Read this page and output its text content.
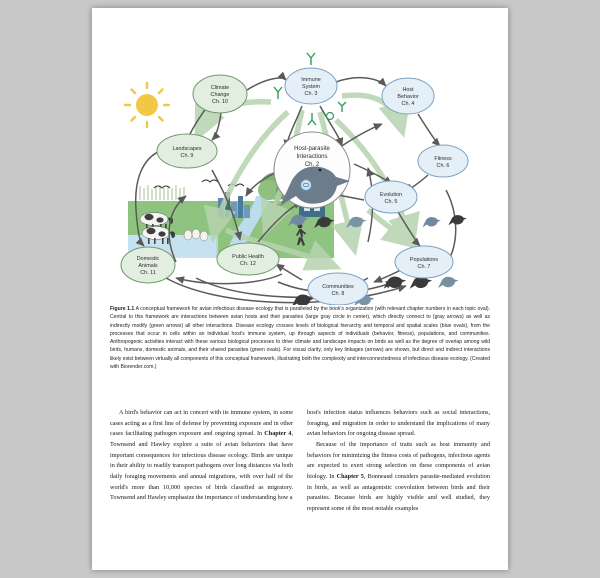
Host-parasite
Interactions
Ch. 2
Climate
Change
Ch. 10
Immune
System
Ch. 3
Host
Behavior
Ch. 4
Landscapes
Ch. 9	Fitness
Ch. 6
Evolution
Ch. 5
Populations
Ch. 7
Communities
Ch. 8
Public Health
Ch. 12
Domestic
Animals
Ch. 11
Figure 1.1 A conceptual framework for avian infectious disease ecology that is paralleled by the book's organization (with relevant chapter numbers in each topic oval). Central to this framework are interactions between avian hosts and their parasites (large gray circle in center), which directly connect to (gray arrows) as well as indirectly modify (green arrows) all other interactions. Disease ecology crosses levels of biological hierarchy and temporal and spatial scales (blue ovals), from the processes that occur in cells within an individual host's immune system, up through aspects of individuals (behavior, fitness), populations, and communities. Anthropogenic activities interact with these various biological processes to drive climate and landscape impacts on birds as well as the degree of overlap among wild birds, humans, domestic animals, and their shared parasites (green ovals). For visual clarity, only key linkages (arrows) are shown, but direct and indirect interactions likely exist between virtually all components of this conceptual framework, illustrating both the complexity and interconnectedness of infectious disease ecology. (Created with Biorender.com.)

A bird's behavior can act in concert with its immune system, in some cases acting as a first line of defense by preventing exposure and in other cases facilitating pathogen exposure and ongoing spread. In Chapter 4, Townsend and Hawley explore a suite of avian behaviors that have important consequences for infectious disease ecology. Birds are unique in their ability to readily transport pathogens over long distances via both daily foraging movements and annual migrations, with over half of the world's more than 10,000 species of birds classified as migratory. Townsend and Hawley emphasize the importance of understanding how a

host's infection status influences behaviors such as social interactions, foraging, and migration in order to understand the implications of many avian behaviors for ongoing disease spread.

Because of the importance of traits such as host immunity and behaviors for minimizing the fitness costs of pathogens, infectious agents are expected to exert strong selection on these components of avian biology. In Chapter 5, Bonneaud considers parasite-mediated evolution in birds, as well as antagonistic coevolution between birds and their parasites. Because birds are highly visible and well studied, they represent some of the most notable examples
